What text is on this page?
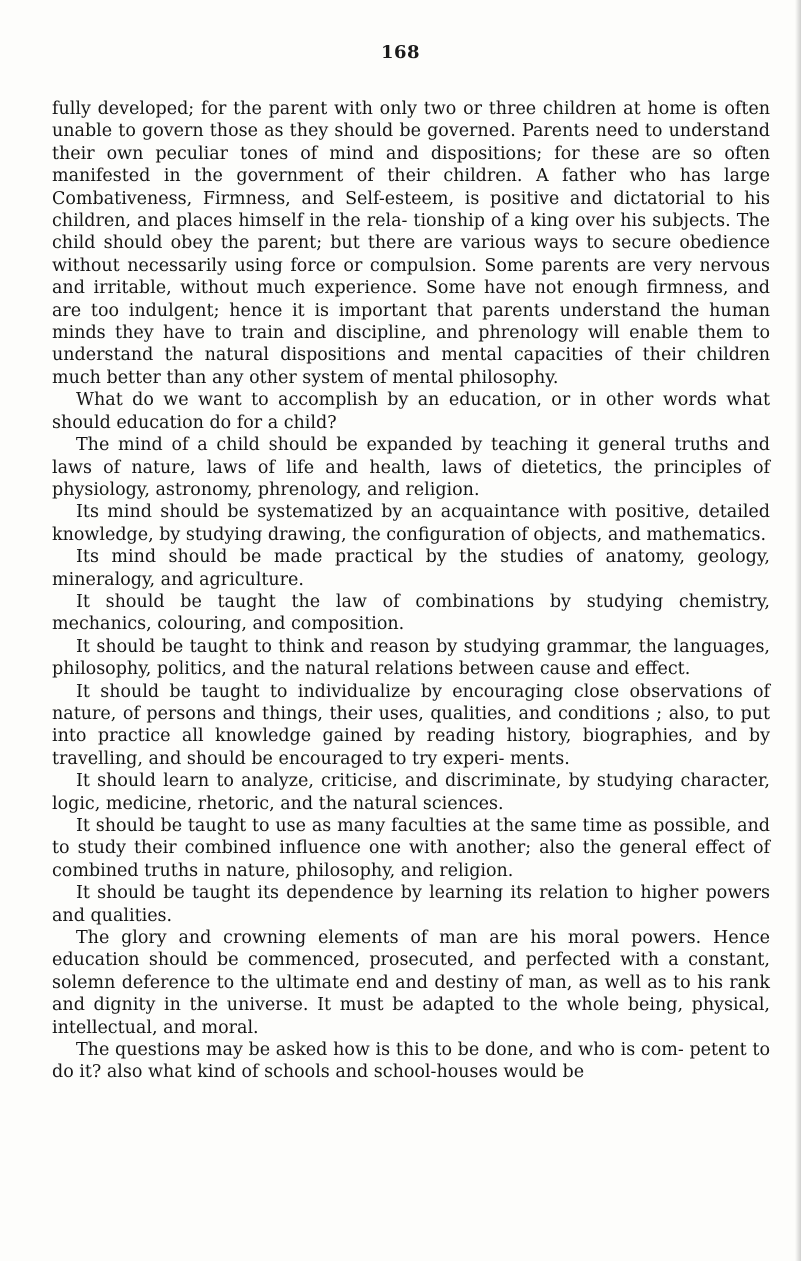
168

fully developed; for the parent with only two or three children at home is often unable to govern those as they should be governed. Parents need to understand their own peculiar tones of mind and dispositions; for these are so often manifested in the government of their children. A father who has large Combativeness, Firmness, and Self-esteem, is positive and dictatorial to his children, and places himself in the rela- tionship of a king over his subjects. The child should obey the parent; but there are various ways to secure obedience without necessarily using force or compulsion. Some parents are very nervous and irritable, without much experience. Some have not enough firmness, and are too indulgent; hence it is important that parents understand the human minds they have to train and discipline, and phrenology will enable them to understand the natural dispositions and mental capacities of their children much better than any other system of mental philosophy.

What do we want to accomplish by an education, or in other words what should education do for a child?

The mind of a child should be expanded by teaching it general truths and laws of nature, laws of life and health, laws of dietetics, the principles of physiology, astronomy, phrenology, and religion.

Its mind should be systematized by an acquaintance with positive, detailed knowledge, by studying drawing, the configuration of objects, and mathematics.

Its mind should be made practical by the studies of anatomy, geology, mineralogy, and agriculture.

It should be taught the law of combinations by studying chemistry, mechanics, colouring, and composition.

It should be taught to think and reason by studying grammar, the languages, philosophy, politics, and the natural relations between cause and effect.

It should be taught to individualize by encouraging close observations of nature, of persons and things, their uses, qualities, and conditions ; also, to put into practice all knowledge gained by reading history, biographies, and by travelling, and should be encouraged to try experi- ments.

It should learn to analyze, criticise, and discriminate, by studying character, logic, medicine, rhetoric, and the natural sciences.

It should be taught to use as many faculties at the same time as possible, and to study their combined influence one with another; also the general effect of combined truths in nature, philosophy, and religion.

It should be taught its dependence by learning its relation to higher powers and qualities.

The glory and crowning elements of man are his moral powers. Hence education should be commenced, prosecuted, and perfected with a constant, solemn deference to the ultimate end and destiny of man, as well as to his rank and dignity in the universe. It must be adapted to the whole being, physical, intellectual, and moral.

The questions may be asked how is this to be done, and who is com- petent to do it? also what kind of schools and school-houses would be
